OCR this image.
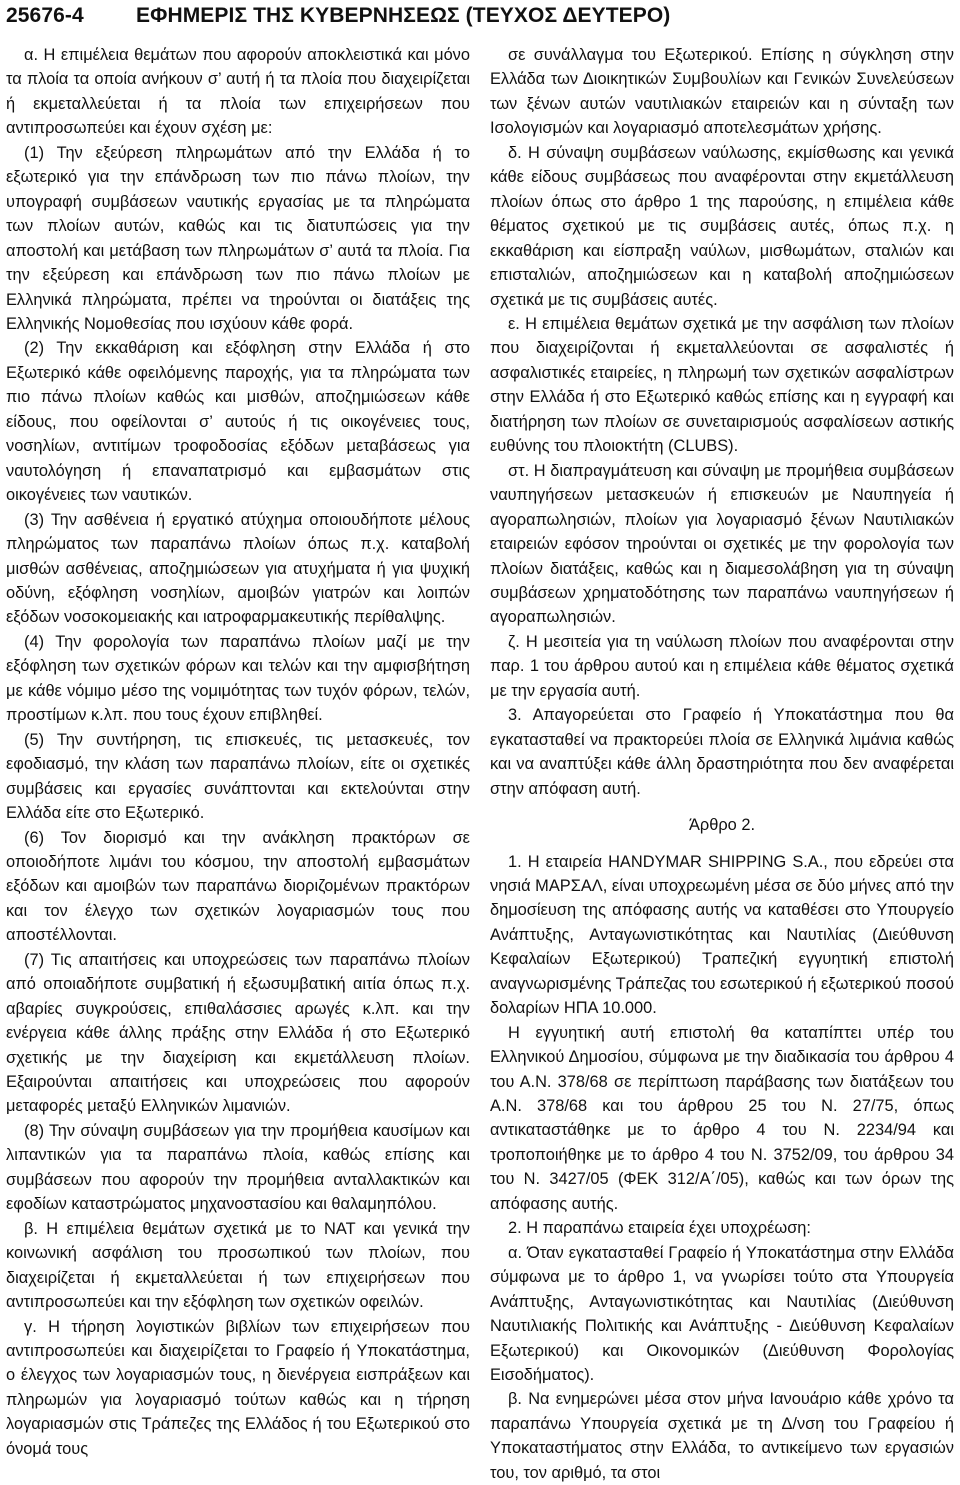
25676-4	ΕΦΗΜΕΡΙΣ ΤΗΣ ΚΥΒΕΡΝΗΣΕΩΣ (ΤΕΥΧΟΣ ΔΕΥΤΕΡΟ)

α. Η επιμέλεια θεμάτων που αφορούν αποκλειστικά και μόνο τα πλοία τα οποία ανήκουν σ’ αυτή ή τα πλοία που διαχειρίζεται ή εκμεταλλεύεται ή τα πλοία των επιχειρήσεων που αντιπροσωπεύει και έχουν σχέση με:

(1) Την εξεύρεση πληρωμάτων από την Ελλάδα ή το εξωτερικό για την επάνδρωση των πιο πάνω πλοίων, την υπογραφή συμβάσεων ναυτικής εργασίας με τα πληρώματα των πλοίων αυτών, καθώς και τις διατυπώσεις για την αποστολή και μετάβαση των πληρωμάτων σ’ αυτά τα πλοία. Για την εξεύρεση και επάνδρωση των πιο πάνω πλοίων με Ελληνικά πληρώματα, πρέπει να τηρούνται οι διατάξεις της Ελληνικής Νομοθεσίας που ισχύουν κάθε φορά.

(2) Την εκκαθάριση και εξόφληση στην Ελλάδα ή στο Εξωτερικό κάθε οφειλόμενης παροχής, για τα πληρώματα των πιο πάνω πλοίων καθώς και μισθών, αποζημιώσεων κάθε είδους, που οφείλονται σ’ αυτούς ή τις οικογένειες τους, νοσηλίων, αντιτίμων τροφοδοσίας εξόδων μεταβάσεως για ναυτολόγηση ή επαναπατρισμό και εμβασμάτων στις οικογένειες των ναυτικών.

(3) Την ασθένεια ή εργατικό ατύχημα οποιουδήποτε μέλους πληρώματος των παραπάνω πλοίων όπως π.χ. καταβολή μισθών ασθένειας, αποζημιώσεων για ατυχήματα ή για ψυχική οδύνη, εξόφληση νοσηλίων, αμοιβών γιατρών και λοιπών εξόδων νοσοκομειακής και ιατροφαρμακευτικής περίθαλψης.

(4) Την φορολογία των παραπάνω πλοίων μαζί με την εξόφληση των σχετικών φόρων και τελών και την αμφισβήτηση με κάθε νόμιμο μέσο της νομιμότητας των τυχόν φόρων, τελών, προστίμων κ.λπ. που τους έχουν επιβληθεί.

(5) Την συντήρηση, τις επισκευές, τις μετασκευές, τον εφοδιασμό, την κλάση των παραπάνω πλοίων, είτε οι σχετικές συμβάσεις και εργασίες συνάπτονται και εκτελούνται στην Ελλάδα είτε στο Εξωτερικό.

(6) Τον διορισμό και την ανάκληση πρακτόρων σε οποιοδήποτε λιμάνι του κόσμου, την αποστολή εμβασμάτων εξόδων και αμοιβών των παραπάνω διοριζομένων πρακτόρων και τον έλεγχο των σχετικών λογαριασμών τους που αποστέλλονται.

(7) Τις απαιτήσεις και υποχρεώσεις των παραπάνω πλοίων από οποιαδήποτε συμβατική ή εξωσυμβατική αιτία όπως π.χ. αβαρίες συγκρούσεις, επιθαλάσσιες αρωγές κ.λπ. και την ενέργεια κάθε άλλης πράξης στην Ελλάδα ή στο Εξωτερικό σχετικής με την διαχείριση και εκμετάλλευση πλοίων. Εξαιρούνται απαιτήσεις και υποχρεώσεις που αφορούν μεταφορές μεταξύ Ελληνικών λιμανιών.

(8) Την σύναψη συμβάσεων για την προμήθεια καυσίμων και λιπαντικών για τα παραπάνω πλοία, καθώς επίσης και συμβάσεων που αφορούν την προμήθεια ανταλλακτικών και εφοδίων καταστρώματος μηχανοστασίου και θαλαμηπόλου.

β. Η επιμέλεια θεμάτων σχετικά με το ΝΑΤ και γενικά την κοινωνική ασφάλιση του προσωπικού των πλοίων, που διαχειρίζεται ή εκμεταλλεύεται ή των επιχειρήσεων που αντιπροσωπεύει και την εξόφληση των σχετικών οφειλών.

γ. Η τήρηση λογιστικών βιβλίων των επιχειρήσεων που αντιπροσωπεύει και διαχειρίζεται το Γραφείο ή Υποκατάστημα, ο έλεγχος των λογαριασμών τους, η διενέργεια εισπράξεων και πληρωμών για λογαριασμό τούτων καθώς και η τήρηση λογαριασμών στις Τράπεζες της Ελλάδος ή του Εξωτερικού στο όνομά τους

σε συνάλλαγμα του Εξωτερικού. Επίσης η σύγκληση στην Ελλάδα των Διοικητικών Συμβουλίων και Γενικών Συνελεύσεων των ξένων αυτών ναυτιλιακών εταιρειών και η σύνταξη των Ισολογισμών και λογαριασμό αποτελεσμάτων χρήσης.

δ. Η σύναψη συμβάσεων ναύλωσης, εκμίσθωσης και γενικά κάθε είδους συμβάσεως που αναφέρονται στην εκμετάλλευση πλοίων όπως στο άρθρο 1 της παρούσης, η επιμέλεια κάθε θέματος σχετικού με τις συμβάσεις αυτές, όπως π.χ. η εκκαθάριση και είσπραξη ναύλων, μισθωμάτων, σταλιών και επισταλιών, αποζημιώσεων και η καταβολή αποζημιώσεων σχετικά με τις συμβάσεις αυτές.

ε. Η επιμέλεια θεμάτων σχετικά με την ασφάλιση των πλοίων που διαχειρίζονται ή εκμεταλλεύονται σε ασφαλιστές ή ασφαλιστικές εταιρείες, η πληρωμή των σχετικών ασφαλίστρων στην Ελλάδα ή στο Εξωτερικό καθώς επίσης και η εγγραφή και διατήρηση των πλοίων σε συνεταιρισμούς ασφαλίσεων αστικής ευθύνης του πλοιοκτήτη (CLUBS).

στ. Η διαπραγμάτευση και σύναψη με προμήθεια συμβάσεων ναυπηγήσεων μετασκευών ή επισκευών με Ναυπηγεία ή αγοραπωλησιών, πλοίων για λογαριασμό ξένων Ναυτιλιακών εταιρειών εφόσον τηρούνται οι σχετικές με την φορολογία των πλοίων διατάξεις, καθώς και η διαμεσολάβηση για τη σύναψη συμβάσεων χρηματοδότησης των παραπάνω ναυπηγήσεων ή αγοραπωλησιών.

ζ. Η μεσιτεία για τη ναύλωση πλοίων που αναφέρονται στην παρ. 1 του άρθρου αυτού και η επιμέλεια κάθε θέματος σχετικά με την εργασία αυτή.

3. Απαγορεύεται στο Γραφείο ή Υποκατάστημα που θα εγκατασταθεί να πρακτορεύει πλοία σε Ελληνικά λιμάνια καθώς και να αναπτύξει κάθε άλλη δραστηριότητα που δεν αναφέρεται στην απόφαση αυτή.

Άρθρο 2.

1. Η εταιρεία HANDYMAR SHIPPING S.A., που εδρεύει στα νησιά ΜΑΡΣΑΛ, είναι υποχρεωμένη μέσα σε δύο μήνες από την δημοσίευση της απόφασης αυτής να καταθέσει στο Υπουργείο Ανάπτυξης, Ανταγωνιστικότητας και Ναυτιλίας (Διεύθυνση Κεφαλαίων Εξωτερικού) Τραπεζική εγγυητική επιστολή αναγνωρισμένης Τράπεζας του εσωτερικού ή εξωτερικού ποσού δολαρίων ΗΠΑ 10.000.

Η εγγυητική αυτή επιστολή θα καταπίπτει υπέρ του Ελληνικού Δημοσίου, σύμφωνα με την διαδικασία του άρθρου 4 του Α.Ν. 378/68 σε περίπτωση παράβασης των διατάξεων του Α.Ν. 378/68 και του άρθρου 25 του Ν. 27/75, όπως αντικαταστάθηκε με το άρθρο 4 του Ν. 2234/94 και τροποποιήθηκε με το άρθρο 4 του Ν. 3752/09, του άρθρου 34 του Ν. 3427/05 (ΦΕΚ 312/Α΄/05), καθώς και των όρων της απόφασης αυτής.

2. Η παραπάνω εταιρεία έχει υποχρέωση:

α. Όταν εγκατασταθεί Γραφείο ή Υποκατάστημα στην Ελλάδα σύμφωνα με το άρθρο 1, να γνωρίσει τούτο στα Υπουργεία Ανάπτυξης, Ανταγωνιστικότητας και Ναυτιλίας (Διεύθυνση Ναυτιλιακής Πολιτικής και Ανάπτυξης - Διεύθυνση Κεφαλαίων Εξωτερικού) και Οικονομικών (Διεύθυνση Φορολογίας Εισοδήματος).

β. Να ενημερώνει μέσα στον μήνα Ιανουάριο κάθε χρόνο τα παραπάνω Υπουργεία σχετικά με τη Δ/νση του Γραφείου ή Υποκαταστήματος στην Ελλάδα, το αντικείμενο των εργασιών του, τον αριθμό, τα στοι
